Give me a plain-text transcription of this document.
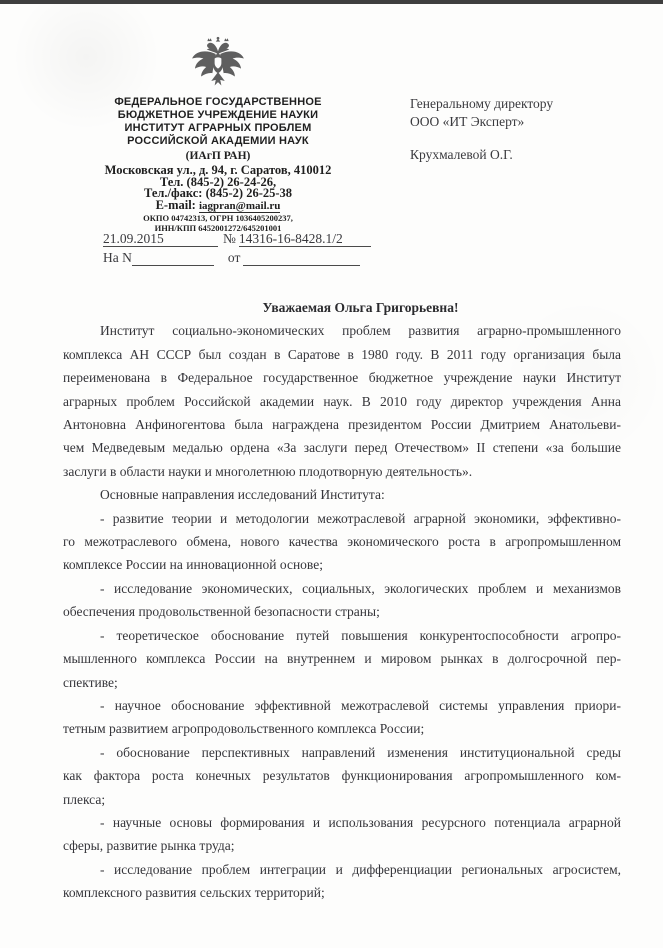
ФЕДЕРАЛЬНОЕ ГОСУДАРСТВЕННОЕ
БЮДЖЕТНОЕ УЧРЕЖДЕНИЕ НАУКИ
ИНСТИТУТ АГРАРНЫХ ПРОБЛЕМ
РОССИЙСКОЙ АКАДЕМИИ НАУК
(ИАгП РАН)
Московская ул., д. 94, г. Саратов, 410012
Тел. (845-2) 26-24-26,
Тел./факс: (845-2) 26-25-38
E-mail: iagpran@mail.ru
ОКПО 04742313, ОГРН 1036405200237,
ИНН/КПП 6452001272/645201001
Генеральному директору
ООО «ИТ Эксперт»
Крухмалевой О.Г.
21.09.2015	№ 14316-16-8428.1/2
На N	от
Уважаемая Ольга Григорьевна!
Институт социально-экономических проблем развития аграрно-промышленного
комплекса АН СССР был создан в Саратове в 1980 году. В 2011 году организация была
переименована в Федеральное государственное бюджетное учреждение науки Институт
аграрных проблем Российской академии наук. В 2010 году директор учреждения Анна
Антоновна Анфиногентова была награждена президентом России Дмитрием Анатольеви-
чем Медведевым медалью ордена «За заслуги перед Отечеством» II степени «за большие
заслуги в области науки и многолетнюю плодотворную деятельность».
Основные направления исследований Института:
- развитие теории и методологии межотраслевой аграрной экономики, эффективно-
го межотраслевого обмена, нового качества экономического роста в агропромышленном
комплексе России на инновационной основе;
- исследование экономических, социальных, экологических проблем и механизмов
обеспечения продовольственной безопасности страны;
- теоретическое обоснование путей повышения конкурентоспособности агропро-
мышленного комплекса России на внутреннем и мировом рынках в долгосрочной пер-
спективе;
- научное обоснование эффективной межотраслевой системы управления приори-
тетным развитием агропродовольственного комплекса России;
- обоснование перспективных направлений изменения институциональной среды
как фактора роста конечных результатов функционирования агропромышленного ком-
плекса;
- научные основы формирования и использования ресурсного потенциала аграрной
сферы, развитие рынка труда;
- исследование проблем интеграции и дифференциации региональных агросистем,
комплексного развития сельских территорий;
